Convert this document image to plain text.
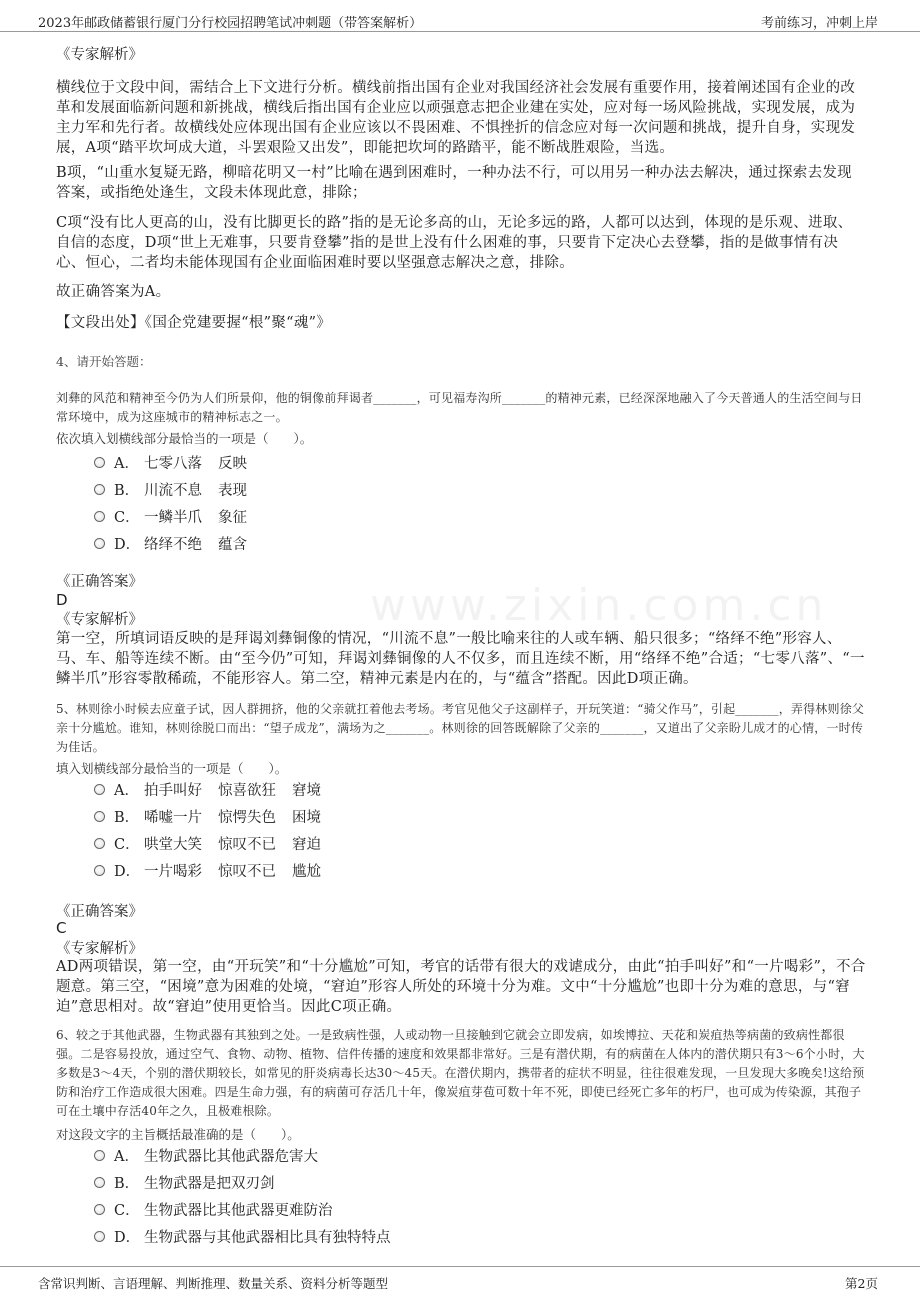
2023年邮政储蓄银行厦门分行校园招聘笔试冲刺题（带答案解析）	考前练习，冲刺上岸
www.zixin.com.cn
《专家解析》
横线位于文段中间，需结合上下文进行分析。横线前指出国有企业对我国经济社会发展有重要作用，接着阐述国有企业的改革和发展面临新问题和新挑战，横线后指出国有企业应以顽强意志把企业建在实处，应对每一场风险挑战，实现发展，成为主力军和先行者。故横线处应体现出国有企业应该以不畏困难、不惧挫折的信念应对每一次问题和挑战，提升自身，实现发展，A项“踏平坎坷成大道，斗罢艰险又出发”，即能把坎坷的路踏平，能不断战胜艰险，当选。
B项，“山重水复疑无路，柳暗花明又一村”比喻在遇到困难时，一种办法不行，可以用另一种办法去解决，通过探索去发现答案，或指绝处逢生，文段未体现此意，排除；
C项“没有比人更高的山，没有比脚更长的路”指的是无论多高的山，无论多远的路，人都可以达到，体现的是乐观、进取、自信的态度，D项“世上无难事，只要肯登攀”指的是世上没有什么困难的事，只要肯下定决心去登攀，指的是做事情有决心、恒心，二者均未能体现国有企业面临困难时要以坚强意志解决之意，排除。
故正确答案为A。
【文段出处】《国企党建要握“根”聚“魂”》
4、请开始答题：
刘彝的风范和精神至今仍为人们所景仰，他的铜像前拜谒者_______，可见福寿沟所_______的精神元素，已经深深地融入了今天普通人的生活空间与日常环境中，成为这座城市的精神标志之一。
依次填入划横线部分最恰当的一项是（　　）。
A． 七零八落 反映
B． 川流不息 表现
C． 一鳞半爪 象征
D． 络绎不绝 蕴含
《正确答案》
D
《专家解析》
第一空，所填词语反映的是拜谒刘彝铜像的情况，“川流不息”一般比喻来往的人或车辆、船只很多；“络绎不绝”形容人、马、车、船等连续不断。由“至今仍”可知，拜谒刘彝铜像的人不仅多，而且连续不断，用“络绎不绝”合适；“七零八落”、“一鳞半爪”形容零散稀疏，不能形容人。第二空，精神元素是内在的，与“蕴含”搭配。因此D项正确。
5、林则徐小时候去应童子试，因人群拥挤，他的父亲就扛着他去考场。考官见他父子这副样子，开玩笑道：“骑父作马”，引起_______，弄得林则徐父亲十分尴尬。谁知，林则徐脱口而出：“望子成龙”，满场为之_______。林则徐的回答既解除了父亲的_______，又道出了父亲盼儿成才的心情，一时传为佳话。
填入划横线部分最恰当的一项是（　　）。
A． 拍手叫好 惊喜欲狂 窘境
B． 唏嘘一片 惊愕失色 困境
C． 哄堂大笑 惊叹不已 窘迫
D． 一片喝彩 惊叹不已 尴尬
《正确答案》
C
《专家解析》
AD两项错误，第一空，由“开玩笑”和“十分尴尬”可知，考官的话带有很大的戏谑成分，由此“拍手叫好”和“一片喝彩”，不合题意。第三空，“困境”意为困难的处境，“窘迫”形容人所处的环境十分为难。文中“十分尴尬”也即十分为难的意思，与“窘迫”意思相对。故“窘迫”使用更恰当。因此C项正确。
6、较之于其他武器，生物武器有其独到之处。一是致病性强，人或动物一旦接触到它就会立即发病，如埃博拉、天花和炭疽热等病菌的致病性都很强。二是容易投放，通过空气、食物、动物、植物、信件传播的速度和效果都非常好。三是有潜伏期，有的病菌在人体内的潜伏期只有3～6个小时，大多数是3～4天，个别的潜伏期较长，如常见的肝炎病毒长达30～45天。在潜伏期内，携带者的症状不明显，往往很难发现，一旦发现大多晚矣!这给预防和治疗工作造成很大困难。四是生命力强，有的病菌可存活几十年，像炭疽芽苞可数十年不死，即使已经死亡多年的朽尸，也可成为传染源，其孢子可在土壤中存活40年之久，且极难根除。
对这段文字的主旨概括最准确的是（　　）。
A． 生物武器比其他武器危害大
B． 生物武器是把双刃剑
C． 生物武器比其他武器更难防治
D． 生物武器与其他武器相比具有独特特点
含常识判断、言语理解、判断推理、数量关系、资料分析等题型	第2页
